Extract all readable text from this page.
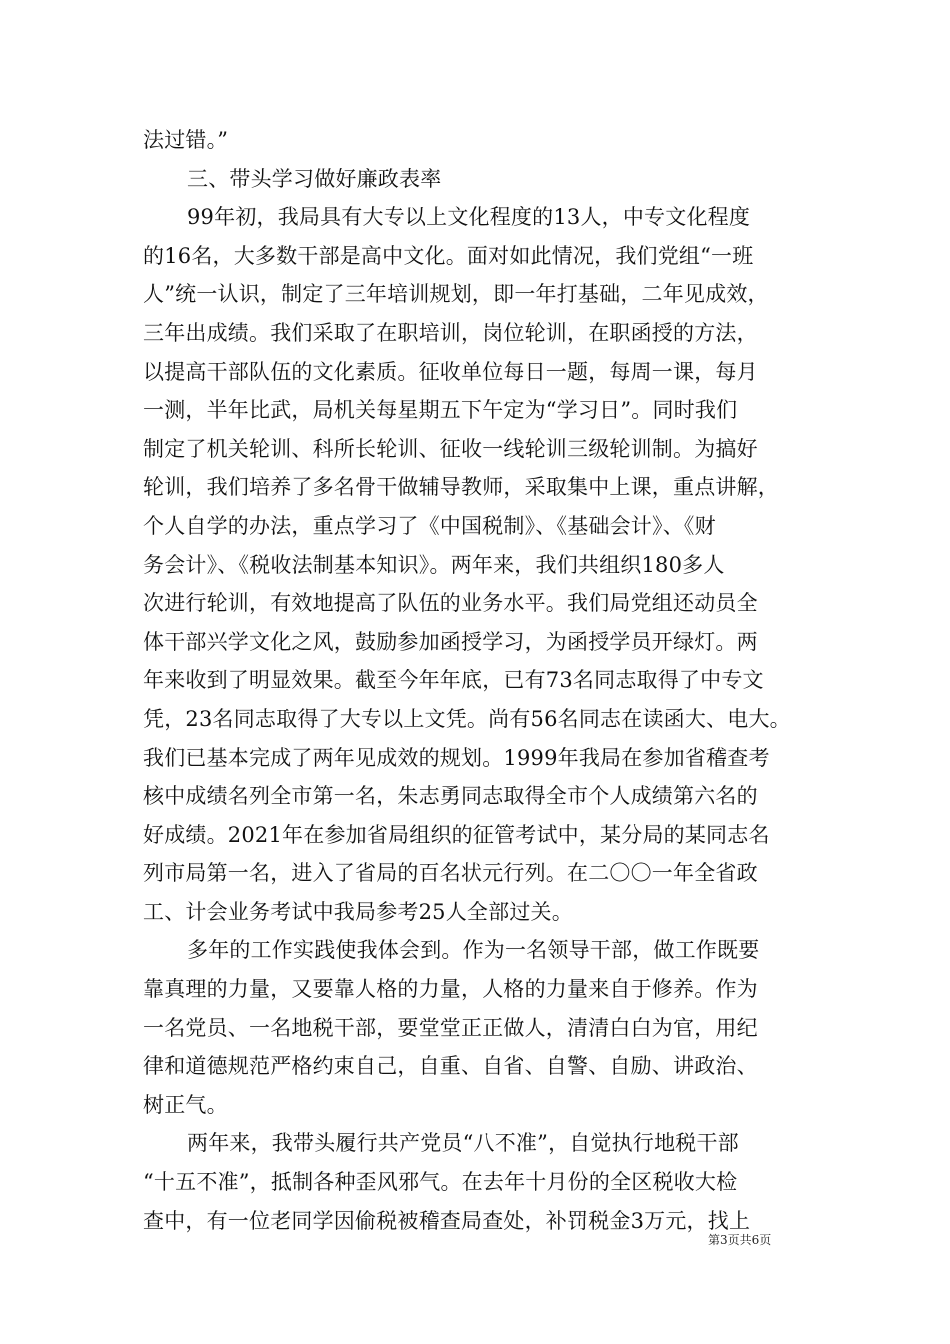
法过错。”
三、带头学习做好廉政表率
99年初，我局具有大专以上文化程度的13人，中专文化程度
的16名，大多数干部是高中文化。面对如此情况，我们党组“一班
人”统一认识，制定了三年培训规划，即一年打基础，二年见成效，
三年出成绩。我们采取了在职培训，岗位轮训，在职函授的方法，
以提高干部队伍的文化素质。征收单位每日一题，每周一课，每月
一测，半年比武，局机关每星期五下午定为“学习日”。同时我们
制定了机关轮训、科所长轮训、征收一线轮训三级轮训制。为搞好
轮训，我们培养了多名骨干做辅导教师，采取集中上课，重点讲解，
个人自学的办法，重点学习了《中国税制》、《基础会计》、《财
务会计》、《税收法制基本知识》。两年来，我们共组织180多人
次进行轮训，有效地提高了队伍的业务水平。我们局党组还动员全
体干部兴学文化之风，鼓励参加函授学习，为函授学员开绿灯。两
年来收到了明显效果。截至今年年底，已有73名同志取得了中专文
凭，23名同志取得了大专以上文凭。尚有56名同志在读函大、电大。
我们已基本完成了两年见成效的规划。1999年我局在参加省稽查考
核中成绩名列全市第一名，朱志勇同志取得全市个人成绩第六名的
好成绩。2021年在参加省局组织的征管考试中，某分局的某同志名
列市局第一名，进入了省局的百名状元行列。在二〇〇一年全省政
工、计会业务考试中我局参考25人全部过关。
多年的工作实践使我体会到。作为一名领导干部，做工作既要
靠真理的力量，又要靠人格的力量，人格的力量来自于修养。作为
一名党员、一名地税干部，要堂堂正正做人，清清白白为官，用纪
律和道德规范严格约束自己，自重、自省、自警、自励、讲政治、
树正气。
两年来，我带头履行共产党员“八不准”，自觉执行地税干部
“十五不准”，抵制各种歪风邪气。在去年十月份的全区税收大检
查中，有一位老同学因偷税被稽查局查处，补罚税金3万元，找上
第3页共6页
